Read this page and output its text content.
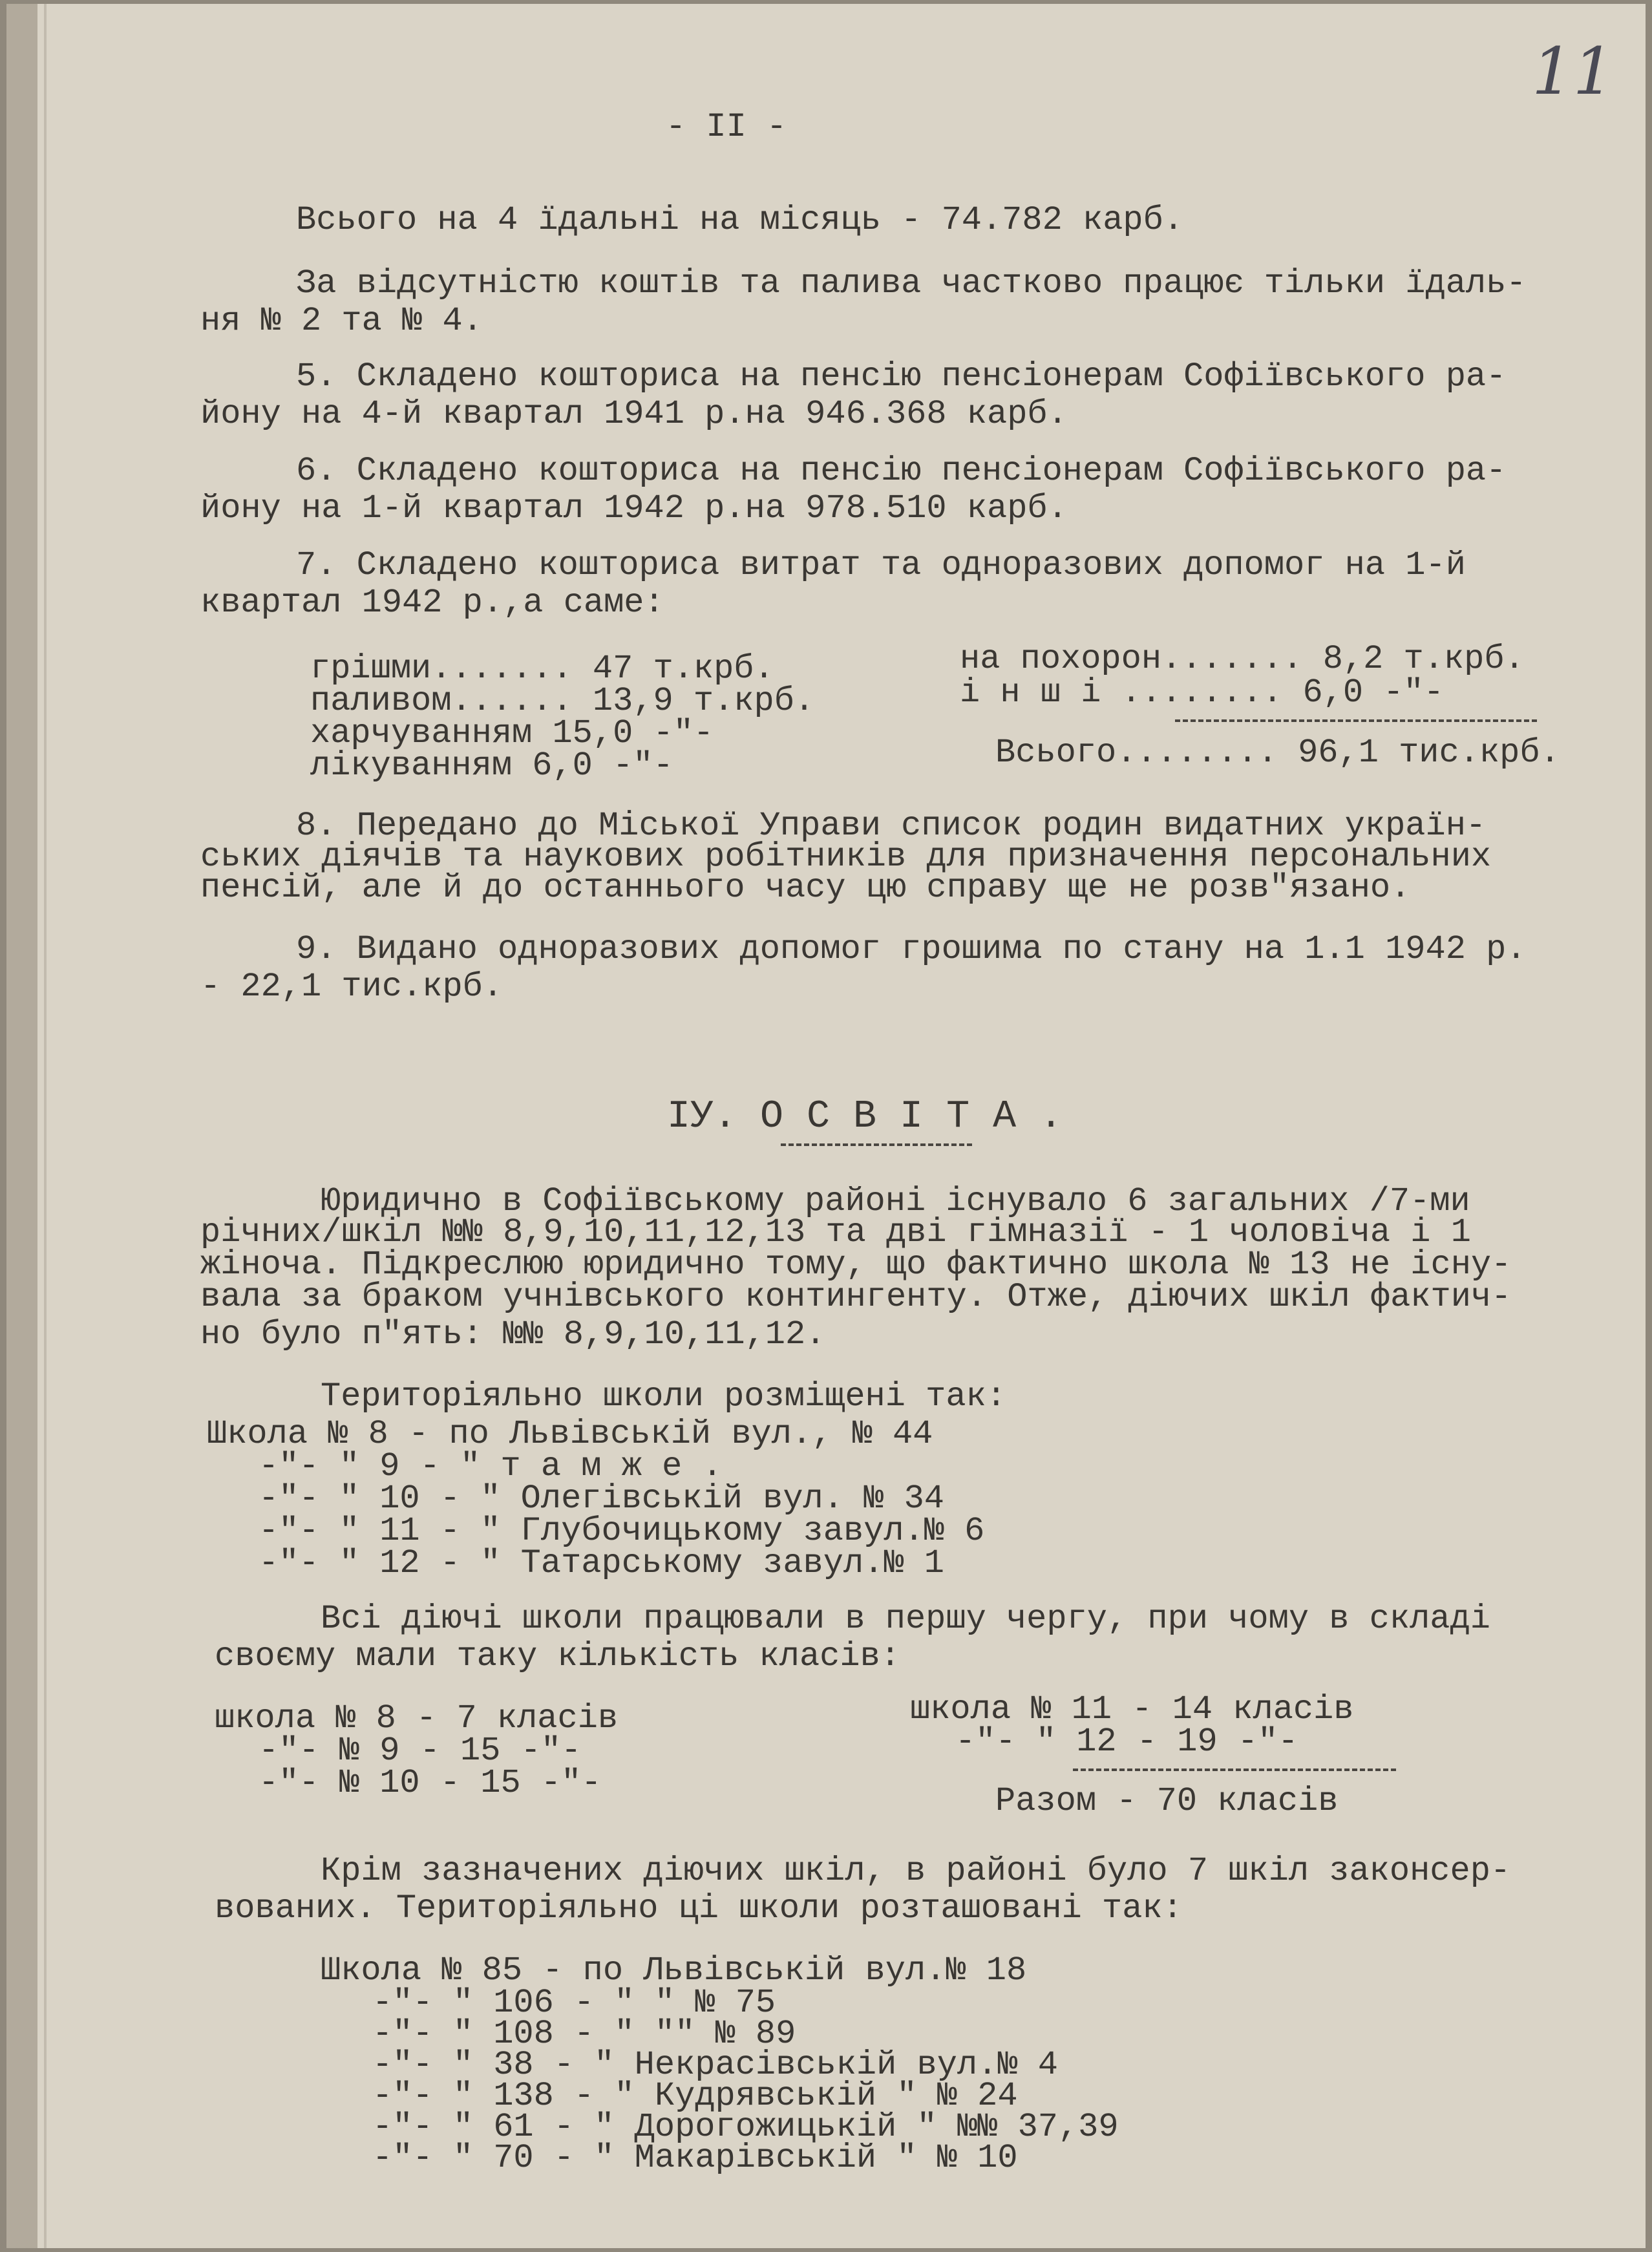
11

- II -

Всього на 4 їдальні на місяць - 74.782 карб.

За відсутністю коштів та палива частково працює тільки їдаль-

ня № 2 та № 4.

5. Складено кошториса на пенсію пенсіонерам Софіївського ра-

йону на 4-й квартал 1941 р.на 946.368 карб.

6. Складено кошториса на пенсію пенсіонерам Софіївського ра-

йону на 1-й квартал 1942 р.на 978.510 карб.

7. Складено кошториса витрат та одноразових допомог на 1-й

квартал 1942 р.,а саме:

грішми....... 47 т.крб.

паливом...... 13,9 т.крб.

харчуванням 15,0 -"-

лікуванням 6,0 -"-

на похорон....... 8,2 т.крб.

і н ш і ........ 6,0 -"-

Всього........ 96,1 тис.крб.

8. Передано до Міської Управи список родин видатних україн-

ських діячів та наукових робітників для призначення персональних

пенсій, але й до останнього часу цю справу ще не розв"язано.

9. Видано одноразових допомог грошима по стану на 1.1 1942 р.

- 22,1 тис.крб.

IУ. О С В І Т А .

Юридично в Софіївському районі існувало 6 загальних /7-ми

річних/шкіл №№ 8,9,10,11,12,13 та дві гімназії - 1 чоловіча і 1

жіноча. Підкреслюю юридично тому, що фактично школа № 13 не існу-

вала за браком учнівського контингенту. Отже, діючих шкіл фактич-

но було п"ять: №№ 8,9,10,11,12.

Територіяльно школи розміщені так:

Школа № 8 - по Львівській вул., № 44

-"- " 9 - " т а м ж е .

-"- " 10 - " Олегівській вул. № 34

-"- " 11 - " Глубочицькому завул.№ 6

-"- " 12 - " Татарському завул.№ 1

Всі діючі школи працювали в першу чергу, при чому в складі

своєму мали таку кількість класів:

школа № 8 - 7 класів

-"- № 9 - 15 -"-

-"- № 10 - 15 -"-

школа № 11 - 14 класів

-"- " 12 - 19 -"-

Разом - 70 класів

Крім зазначених діючих шкіл, в районі було 7 шкіл законсер-

вованих. Територіяльно ці школи розташовані так:

Школа № 85 - по Львівській вул.№ 18

-"- " 106 - " " № 75

-"- " 108 - " "" № 89

-"- " 38 - " Некрасівській вул.№ 4

-"- " 138 - " Кудрявській " № 24

-"- " 61 - " Дорогожицькій " №№ 37,39

-"- " 70 - " Макарівській " № 10
